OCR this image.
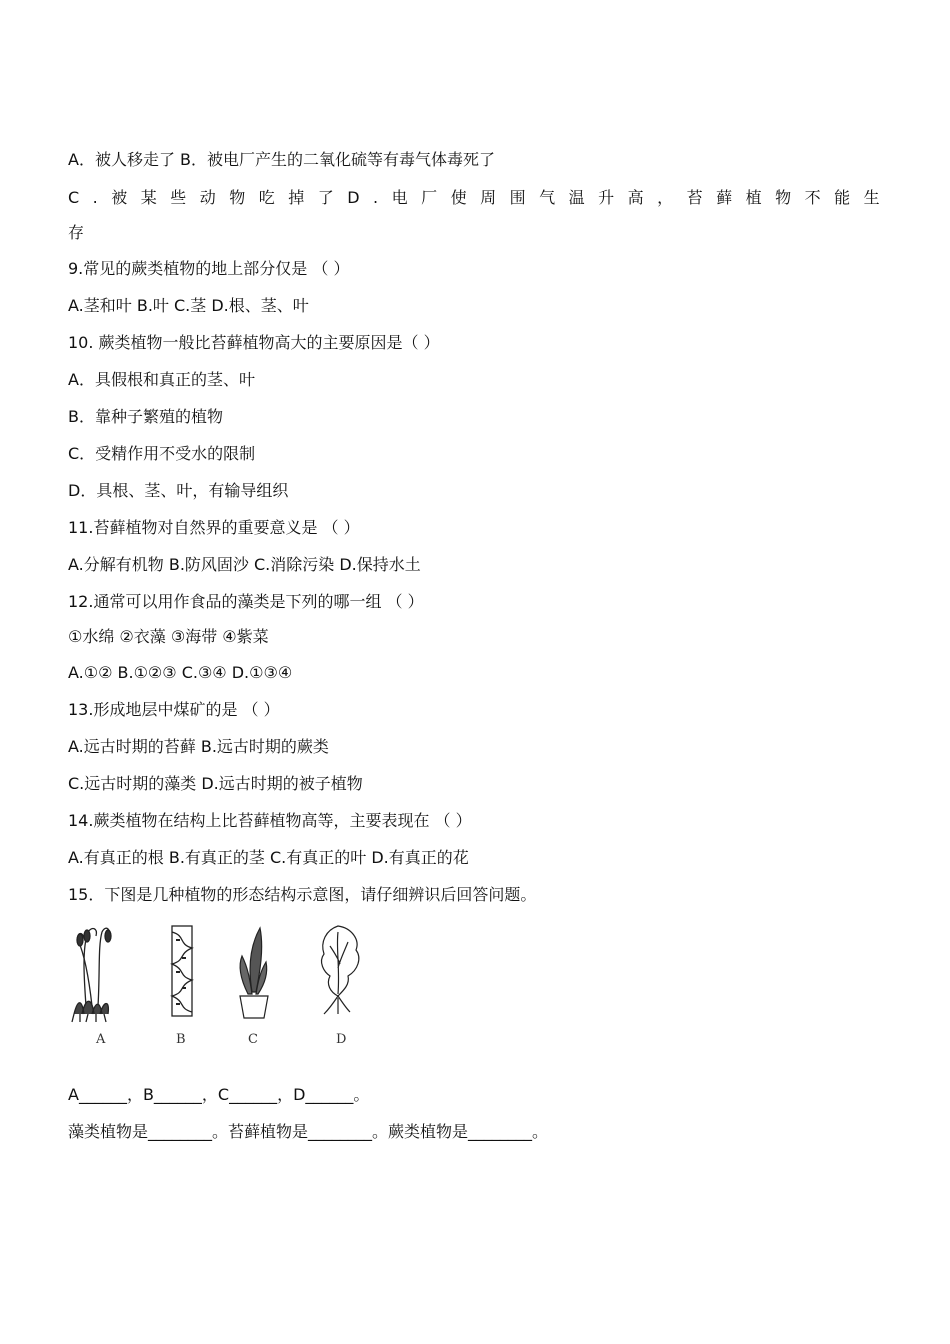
A．被人移走了 B．被电厂产生的二氧化硫等有毒气体毒死了
C . 被 某 些 动 物 吃 掉 了 D . 电 厂 使 周 围 气 温 升 高 ， 苔 藓 植 物 不 能 生
存
9.常见的蕨类植物的地上部分仅是 （ ）
A.茎和叶 B.叶 C.茎 D.根、茎、叶
10. 蕨类植物一般比苔藓植物高大的主要原因是（ ）
A．具假根和真正的茎、叶
B．靠种子繁殖的植物
C．受精作用不受水的限制
D．具根、茎、叶，有输导组织
11.苔藓植物对自然界的重要意义是 （ ）
A.分解有机物 B.防风固沙 C.消除污染 D.保持水土
12.通常可以用作食品的藻类是下列的哪一组 （ ）
①水绵 ②衣藻 ③海带 ④紫菜
A.①② B.①②③ C.③④ D.①③④
13.形成地层中煤矿的是 （ ）
A.远古时期的苔藓 B.远古时期的蕨类
C.远古时期的藻类 D.远古时期的被子植物
14.蕨类植物在结构上比苔藓植物高等，主要表现在 （ ）
A.有真正的根 B.有真正的茎 C.有真正的叶 D.有真正的花
15．下图是几种植物的形态结构示意图，请仔细辨识后回答问题。
A	B	C	D
A______，B______，C______，D______。
藻类植物是________。苔藓植物是________。蕨类植物是________。
